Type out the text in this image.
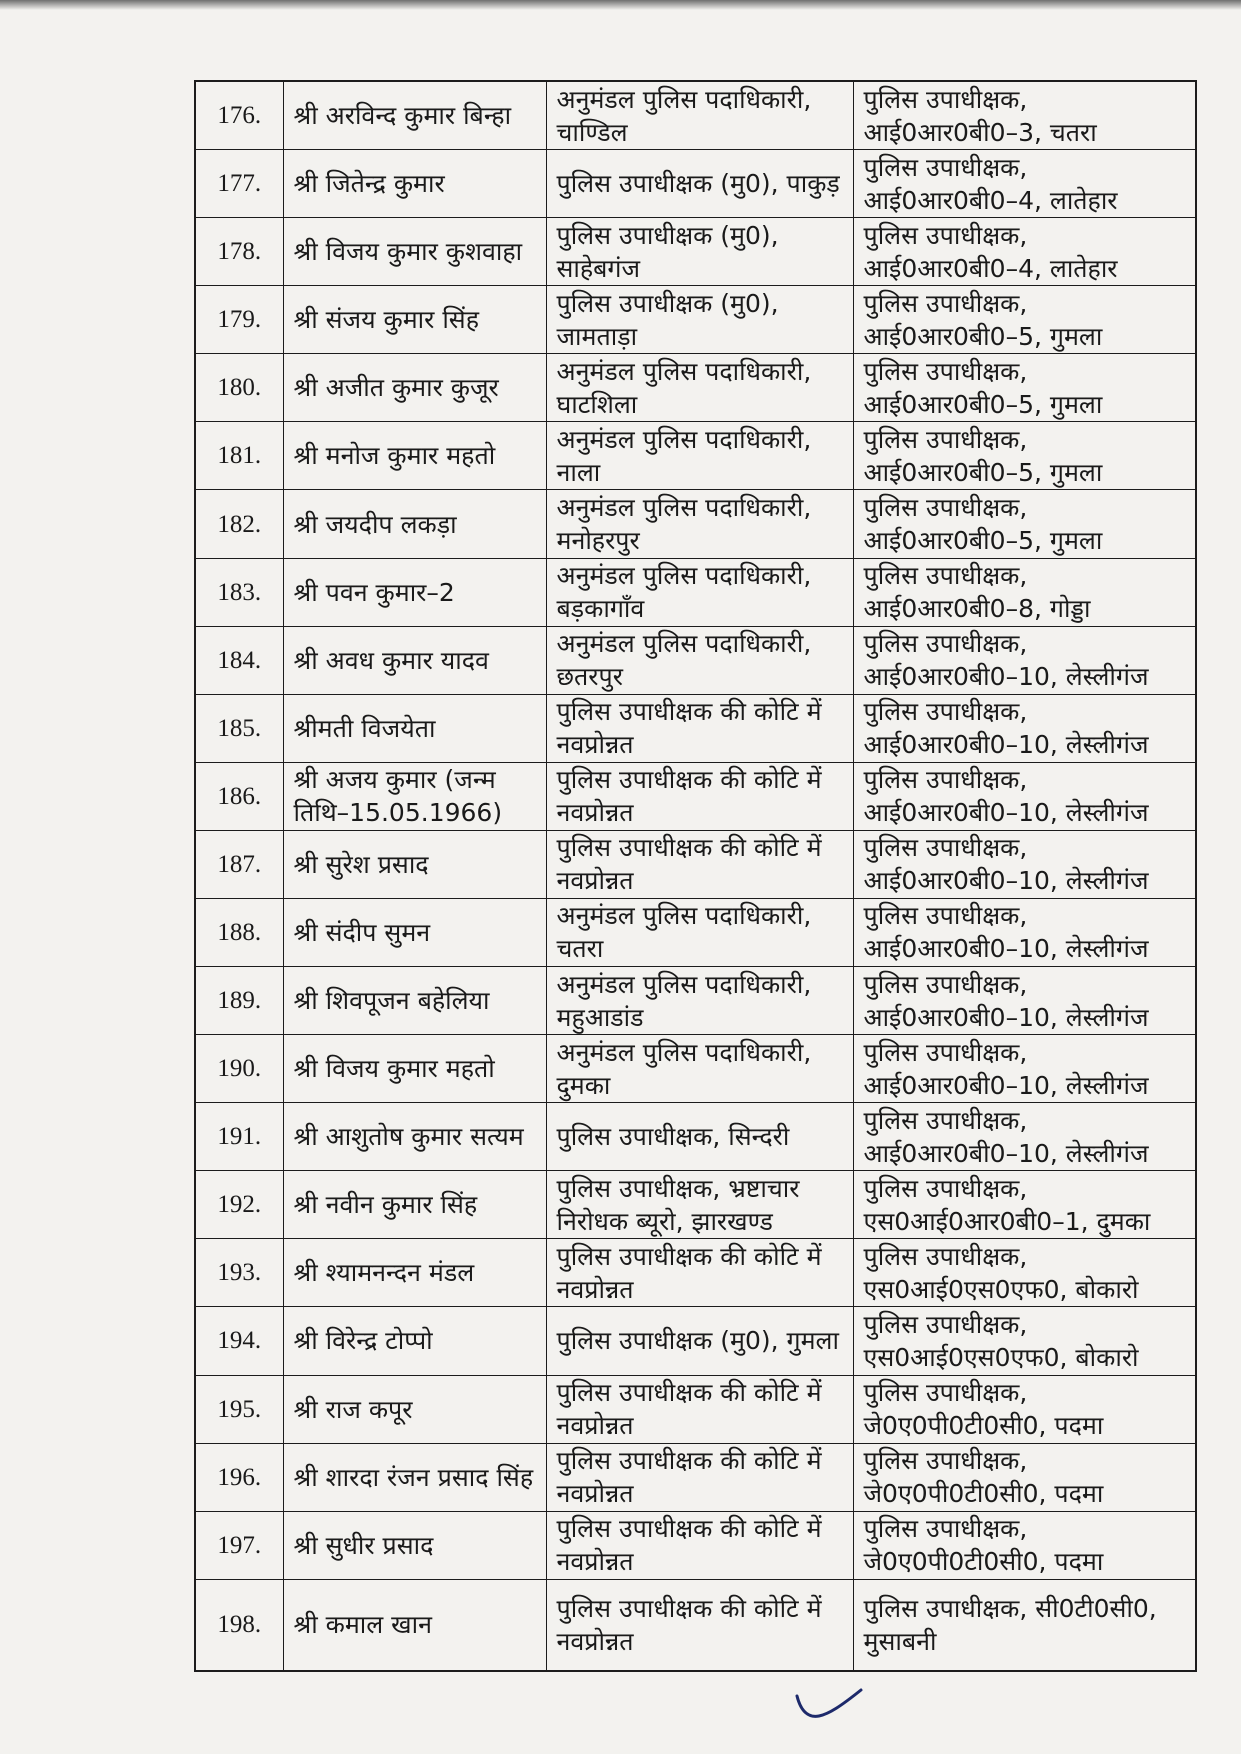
176.	श्री अरविन्द कुमार बिन्हा	अनुमंडल पुलिस पदाधिकारी, चाण्डिल	पुलिस उपाधीक्षक, आई0आर0बी0–3, चतरा
177.	श्री जितेन्द्र कुमार	पुलिस उपाधीक्षक (मु0), पाकुड़	पुलिस उपाधीक्षक, आई0आर0बी0–4, लातेहार
178.	श्री विजय कुमार कुशवाहा	पुलिस उपाधीक्षक (मु0), साहेबगंज	पुलिस उपाधीक्षक, आई0आर0बी0–4, लातेहार
179.	श्री संजय कुमार सिंह	पुलिस उपाधीक्षक (मु0), जामताड़ा	पुलिस उपाधीक्षक, आई0आर0बी0–5, गुमला
180.	श्री अजीत कुमार कुजूर	अनुमंडल पुलिस पदाधिकारी, घाटशिला	पुलिस उपाधीक्षक, आई0आर0बी0–5, गुमला
181.	श्री मनोज कुमार महतो	अनुमंडल पुलिस पदाधिकारी, नाला	पुलिस उपाधीक्षक, आई0आर0बी0–5, गुमला
182.	श्री जयदीप लकड़ा	अनुमंडल पुलिस पदाधिकारी, मनोहरपुर	पुलिस उपाधीक्षक, आई0आर0बी0–5, गुमला
183.	श्री पवन कुमार–2	अनुमंडल पुलिस पदाधिकारी, बड़कागाँव	पुलिस उपाधीक्षक, आई0आर0बी0–8, गोड्डा
184.	श्री अवध कुमार यादव	अनुमंडल पुलिस पदाधिकारी, छतरपुर	पुलिस उपाधीक्षक, आई0आर0बी0–10, लेस्लीगंज
185.	श्रीमती विजयेता	पुलिस उपाधीक्षक की कोटि में नवप्रोन्नत	पुलिस उपाधीक्षक, आई0आर0बी0–10, लेस्लीगंज
186.	श्री अजय कुमार (जन्म तिथि–15.05.1966)	पुलिस उपाधीक्षक की कोटि में नवप्रोन्नत	पुलिस उपाधीक्षक, आई0आर0बी0–10, लेस्लीगंज
187.	श्री सुरेश प्रसाद	पुलिस उपाधीक्षक की कोटि में नवप्रोन्नत	पुलिस उपाधीक्षक, आई0आर0बी0–10, लेस्लीगंज
188.	श्री संदीप सुमन	अनुमंडल पुलिस पदाधिकारी, चतरा	पुलिस उपाधीक्षक, आई0आर0बी0–10, लेस्लीगंज
189.	श्री शिवपूजन बहेलिया	अनुमंडल पुलिस पदाधिकारी, महुआडांड	पुलिस उपाधीक्षक, आई0आर0बी0–10, लेस्लीगंज
190.	श्री विजय कुमार महतो	अनुमंडल पुलिस पदाधिकारी, दुमका	पुलिस उपाधीक्षक, आई0आर0बी0–10, लेस्लीगंज
191.	श्री आशुतोष कुमार सत्यम	पुलिस उपाधीक्षक, सिन्दरी	पुलिस उपाधीक्षक, आई0आर0बी0–10, लेस्लीगंज
192.	श्री नवीन कुमार सिंह	पुलिस उपाधीक्षक, भ्रष्टाचार निरोधक ब्यूरो, झारखण्ड	पुलिस उपाधीक्षक, एस0आई0आर0बी0–1, दुमका
193.	श्री श्यामनन्दन मंडल	पुलिस उपाधीक्षक की कोटि में नवप्रोन्नत	पुलिस उपाधीक्षक, एस0आई0एस0एफ0, बोकारो
194.	श्री विरेन्द्र टोप्पो	पुलिस उपाधीक्षक (मु0), गुमला	पुलिस उपाधीक्षक, एस0आई0एस0एफ0, बोकारो
195.	श्री राज कपूर	पुलिस उपाधीक्षक की कोटि में नवप्रोन्नत	पुलिस उपाधीक्षक, जे0ए0पी0टी0सी0, पदमा
196.	श्री शारदा रंजन प्रसाद सिंह	पुलिस उपाधीक्षक की कोटि में नवप्रोन्नत	पुलिस उपाधीक्षक, जे0ए0पी0टी0सी0, पदमा
197.	श्री सुधीर प्रसाद	पुलिस उपाधीक्षक की कोटि में नवप्रोन्नत	पुलिस उपाधीक्षक, जे0ए0पी0टी0सी0, पदमा
198.	श्री कमाल खान	पुलिस उपाधीक्षक की कोटि में नवप्रोन्नत	पुलिस उपाधीक्षक, सी0टी0सी0, मुसाबनी
